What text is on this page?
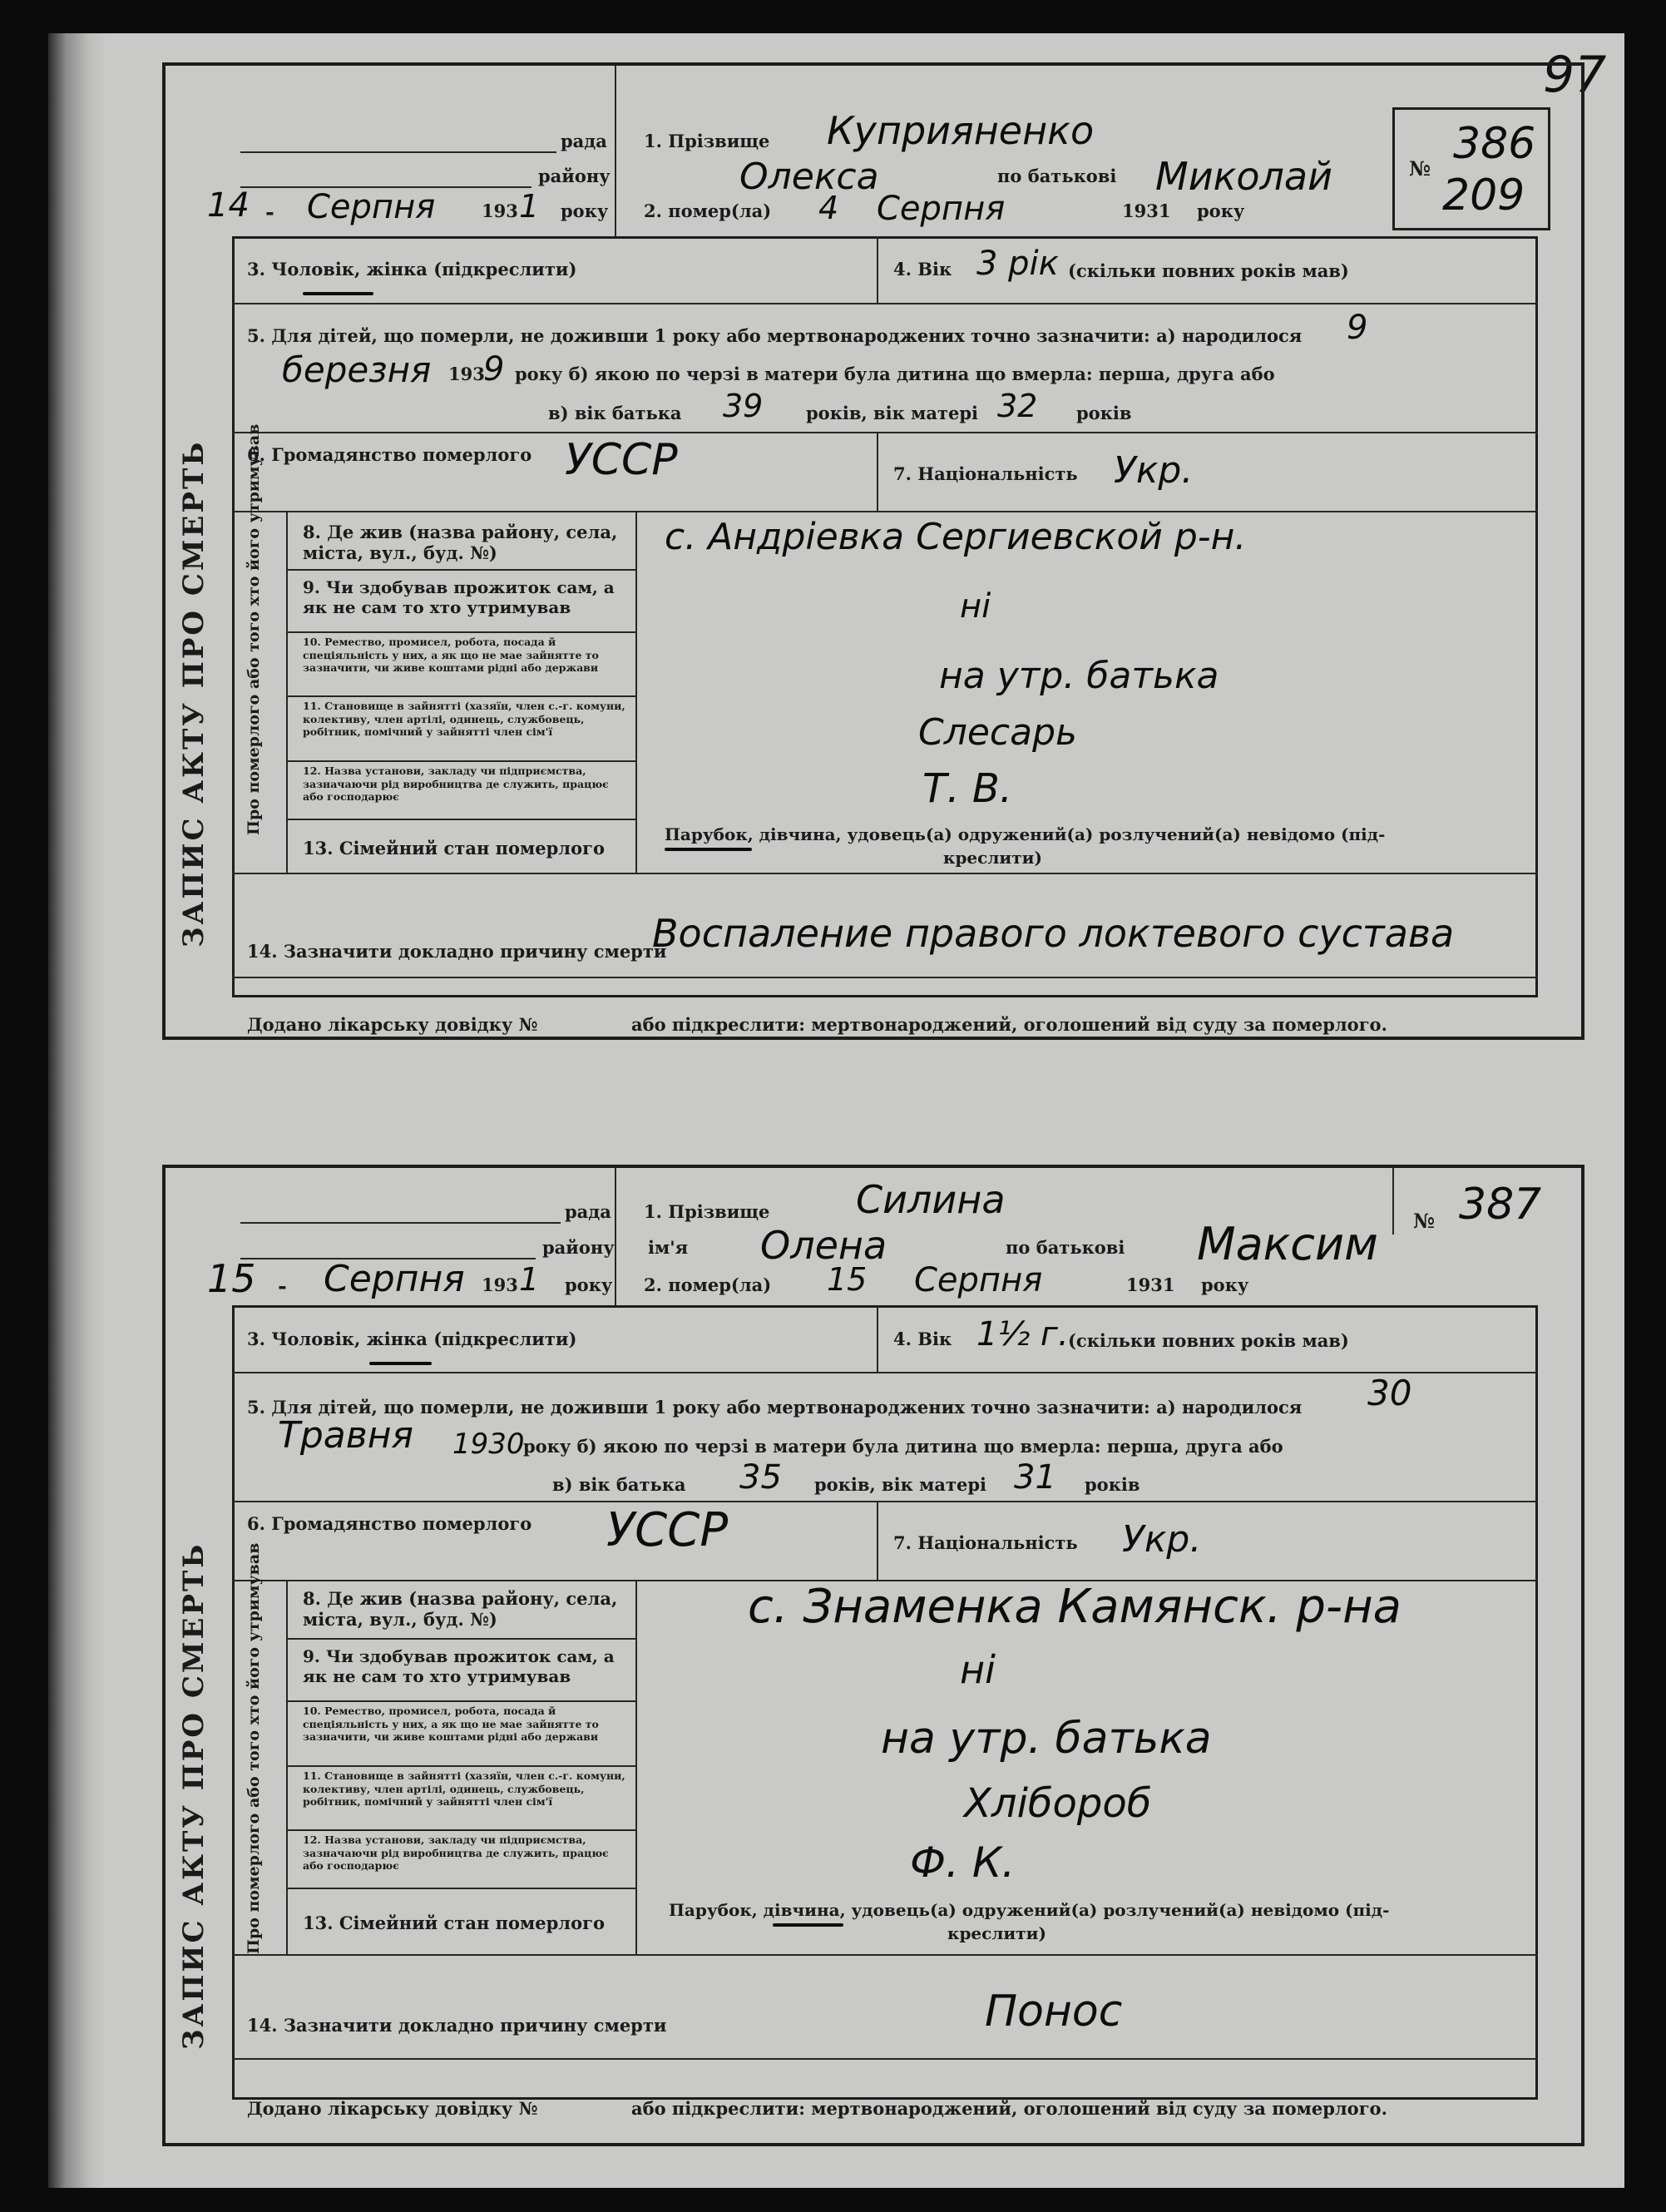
97
ЗАПИС АКТУ ПРО СМЕРТЬ
рада
району
14 - Серпня	193 1 року
1. Прізвище Куприяненко
Олекса	по батькові Миколай
2. помер(ла) 4 Серпня	1931 року
№ 386
209
3. Чоловік, жінка (підкреслити)	4. Вік 3 рік (скільки повних років мав)
5. Для дітей, що померли, не доживши 1 року або мертвонароджених точно зазначити: а) народилося 9
березня 193
9 року б) якою по черзі в матери була дитина що вмерла: перша, друга або
в) вік батька 39 років, вік матері 32 років
6. Громадянство померлого УССР	7. Національність Укр.
Про померлого або того хто його утримував 8. Де жив (назва району, села, міста, вул., буд. №)	с. Андріевка Сергиевской р-н.
9. Чи здобував прожиток сам, а як не сам то хто утримував	ні
10. Ремество, промисел, робота, посада й спеціяльність у них, а як що не мае зайнятте то зазначити, чи живе коштами рідні або держави	на утр. батька
11. Становище в зайнятті (хазяїн, член с.-г. комуни, колективу, член артілі, одинець, службовець, робітник, помічний у зайнятті член сім'ї	Слесарь
12. Назва установи, закладу чи підприємства, зазначаючи рід виробництва де служить, працює або господарює	Т. В.
13. Сімейний стан померлого
Парубок, дівчина, удовець(а) одружений(а) розлучений(а) невідомо (під-
креслити)
14. Зазначити докладно причину смерти
Воспаление правого локтевого сустава
Додано лікарську довідку №	або підкреслити: мертвонароджений, оголошений від суду за померлого.
ЗАПИС АКТУ ПРО СМЕРТЬ
рада
району
15 - Серпня 193 1 року
1. Прізвище Силина
ім'я Олена	по батькові Максим
2. помер(ла) 15 Серпня	1931 року
№ 387
3. Чоловік, жінка (підкреслити)	4. Вік 1½ г. (скільки повних років мав)
5. Для дітей, що померли, не доживши 1 року або мертвонароджених точно зазначити: а) народилося 30
Травня 1930
року б) якою по черзі в матери була дитина що вмерла: перша, друга або
в) вік батька 35 років, вік матері 31 років
6. Громадянство померлого УССР	7. Національність Укр.
Про померлого або того хто його утримував 8. Де жив (назва району, села, міста, вул., буд. №)	с. Знаменка Камянск. р-на
9. Чи здобував прожиток сам, а як не сам то хто утримував	ні
10. Ремество, промисел, робота, посада й спеціяльність у них, а як що не мае зайнятте то зазначити, чи живе коштами рідні або держави	на утр. батька
11. Становище в зайнятті (хазяїн, член с.-г. комуни, колективу, член артілі, одинець, службовець, робітник, помічний у зайнятті член сім'ї	Хлібороб
12. Назва установи, закладу чи підприємства, зазначаючи рід виробництва де служить, працює або господарює	Ф. К.
13. Сімейний стан померлого
Парубок, дівчина, удовець(а) одружений(а) розлучений(а) невідомо (під-
креслити)
14. Зазначити докладно причину смерти	Понос
Додано лікарську довідку №	або підкреслити: мертвонароджений, оголошений від суду за померлого.
